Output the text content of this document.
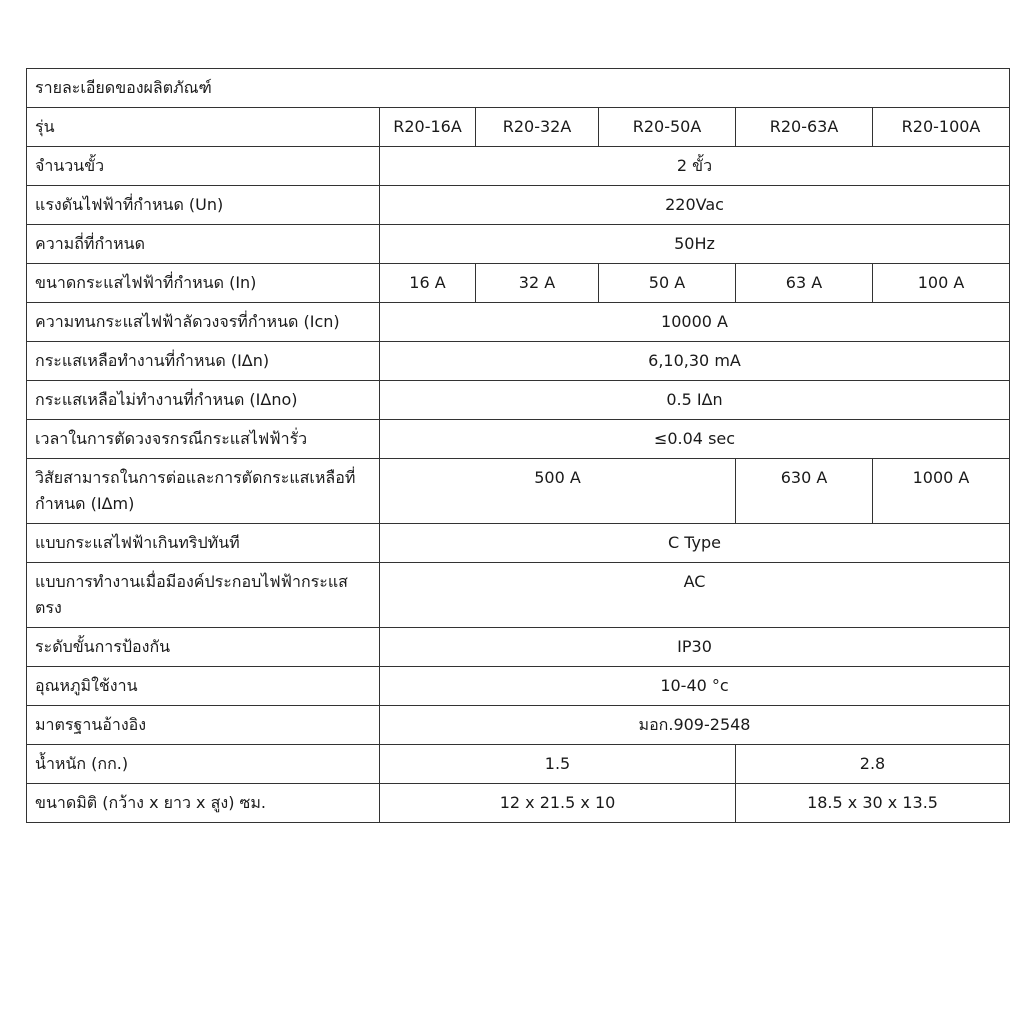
รายละเอียดของผลิตภัณฑ์					
รุ่น	R20-16A	R20-32A	R20-50A	R20-63A	R20-100A
จำนวนขั้ว	2 ขั้ว				
แรงดันไฟฟ้าที่กำหนด (Un)	220Vac				
ความถี่ที่กำหนด	50Hz				
ขนาดกระแสไฟฟ้าที่กำหนด (In)	16 A	32 A	50 A	63 A	100 A
ความทนกระแสไฟฟ้าลัดวงจรที่กำหนด (Icn)	10000 A				
กระแสเหลือทำงานที่กำหนด (IΔn)	6,10,30 mA				
กระแสเหลือไม่ทำงานที่กำหนด (IΔno)	0.5 IΔn				
เวลาในการตัดวงจรกรณีกระแสไฟฟ้ารั่ว	≤0.04 sec				
วิสัยสามารถในการต่อและการตัดกระแสเหลือที่กำหนด (IΔm)	500 A			630 A	1000 A
แบบกระแสไฟฟ้าเกินทริปทันที	C Type				
แบบการทำงานเมื่อมีองค์ประกอบไฟฟ้ากระแสตรง	AC				
ระดับขั้นการป้องกัน	IP30				
อุณหภูมิใช้งาน	10-40 °c				
มาตรฐานอ้างอิง	มอก.909-2548				
น้ำหนัก (กก.)	1.5			2.8	
ขนาดมิติ (กว้าง x ยาว x สูง) ซม.	12 x 21.5 x 10			18.5 x 30 x 13.5	
